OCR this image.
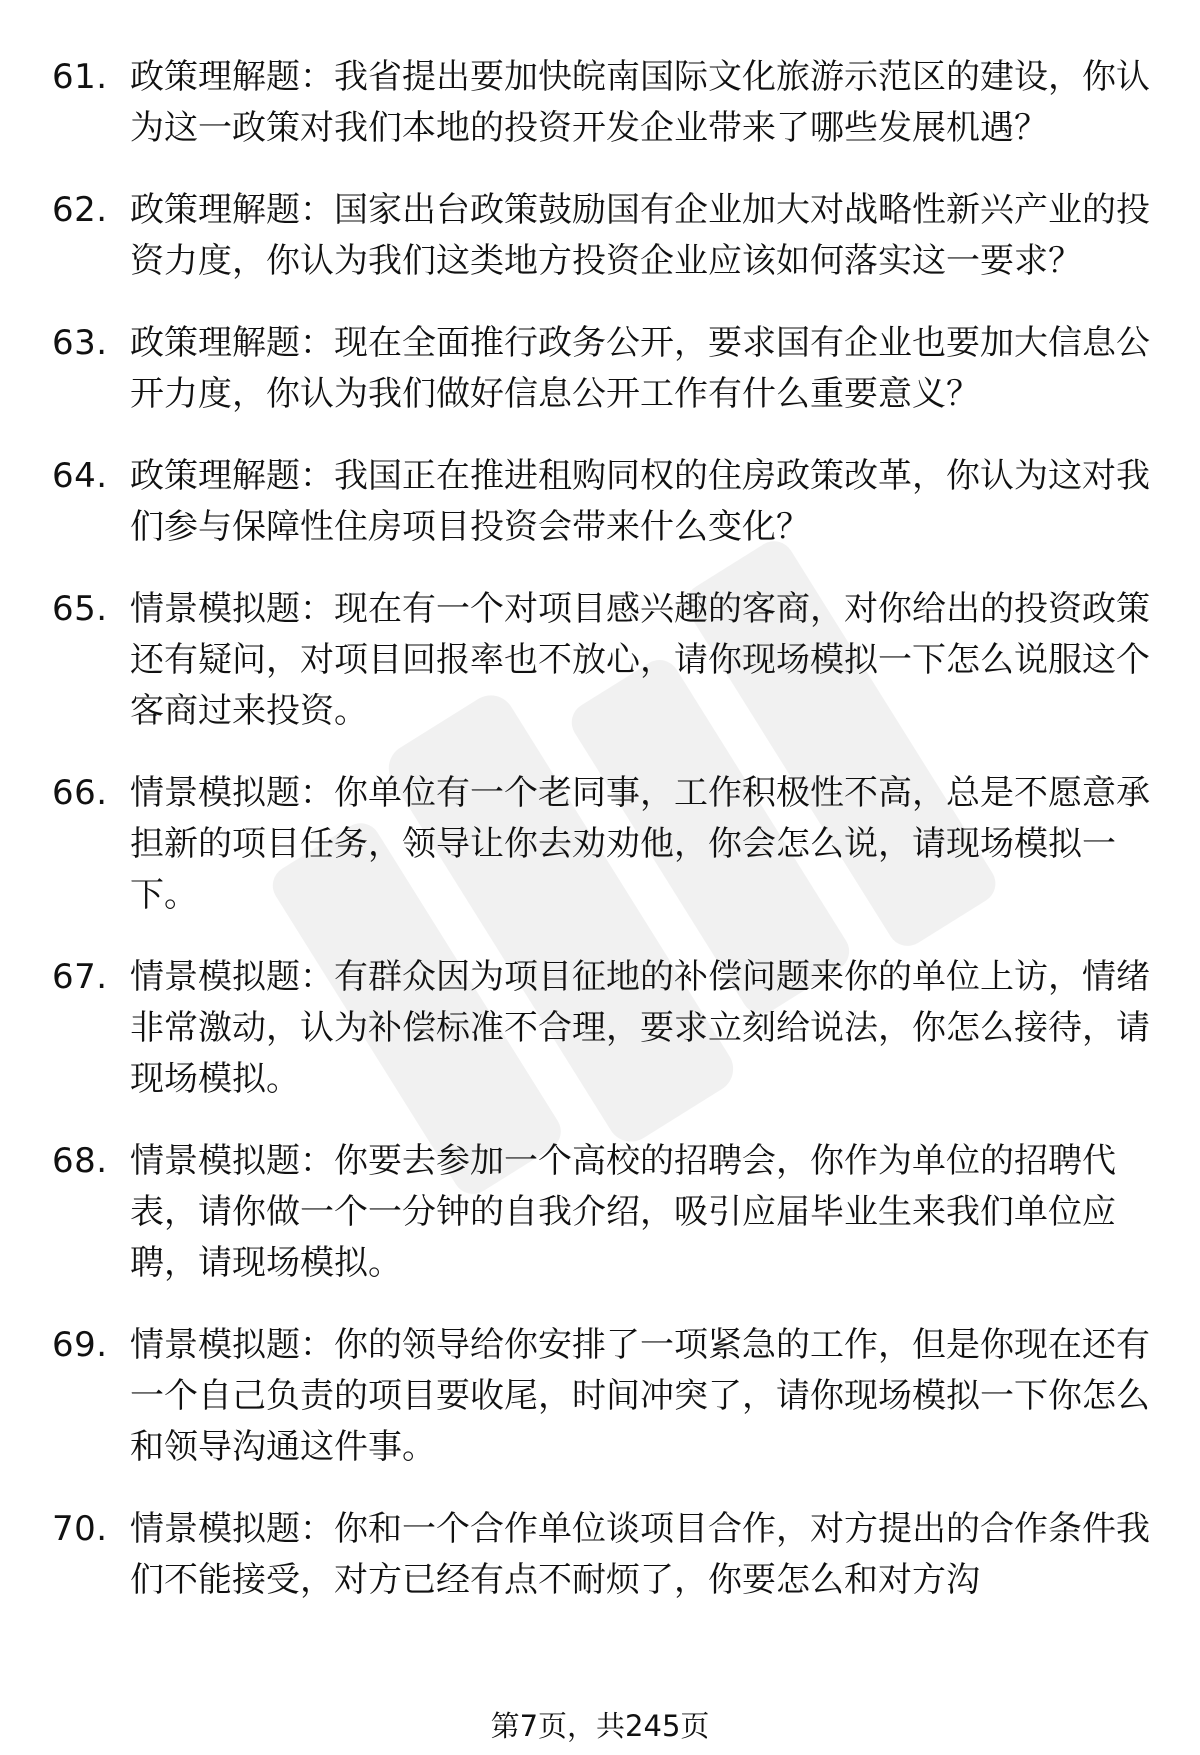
61. 政策理解题：我省提出要加快皖南国际文化旅游示范区的建设，你认为这一政策对我们本地的投资开发企业带来了哪些发展机遇？
62. 政策理解题：国家出台政策鼓励国有企业加大对战略性新兴产业的投资力度，你认为我们这类地方投资企业应该如何落实这一要求？
63. 政策理解题：现在全面推行政务公开，要求国有企业也要加大信息公开力度，你认为我们做好信息公开工作有什么重要意义？
64. 政策理解题：我国正在推进租购同权的住房政策改革，你认为这对我们参与保障性住房项目投资会带来什么变化？
65. 情景模拟题：现在有一个对项目感兴趣的客商，对你给出的投资政策还有疑问，对项目回报率也不放心，请你现场模拟一下怎么说服这个客商过来投资。
66. 情景模拟题：你单位有一个老同事，工作积极性不高，总是不愿意承担新的项目任务，领导让你去劝劝他，你会怎么说，请现场模拟一下。
67. 情景模拟题：有群众因为项目征地的补偿问题来你的单位上访，情绪非常激动，认为补偿标准不合理，要求立刻给说法，你怎么接待，请现场模拟。
68. 情景模拟题：你要去参加一个高校的招聘会，你作为单位的招聘代表，请你做一个一分钟的自我介绍，吸引应届毕业生来我们单位应聘，请现场模拟。
69. 情景模拟题：你的领导给你安排了一项紧急的工作，但是你现在还有一个自己负责的项目要收尾，时间冲突了，请你现场模拟一下你怎么和领导沟通这件事。
70. 情景模拟题：你和一个合作单位谈项目合作，对方提出的合作条件我们不能接受，对方已经有点不耐烦了，你要怎么和对方沟
第7页，共245页
